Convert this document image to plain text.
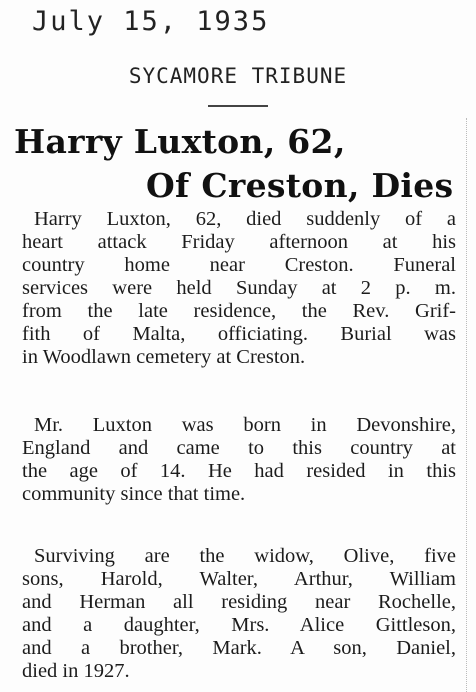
July 15, 1935
SYCAMORE TRIBUNE
Harry Luxton, 62,
Of Creston, Dies
Harry Luxton, 62, died suddenly of a
heart attack Friday afternoon at his
country home near Creston. Funeral
services were held Sunday at 2 p. m.
from the late residence, the Rev. Grif-
fith of Malta, officiating. Burial was
in Woodlawn cemetery at Creston.
Mr. Luxton was born in Devonshire,
England and came to this country at
the age of 14. He had resided in this
community since that time.
Surviving are the widow, Olive, five
sons, Harold, Walter, Arthur, William
and Herman all residing near Rochelle,
and a daughter, Mrs. Alice Gittleson,
and a brother, Mark. A son, Daniel,
died in 1927.
